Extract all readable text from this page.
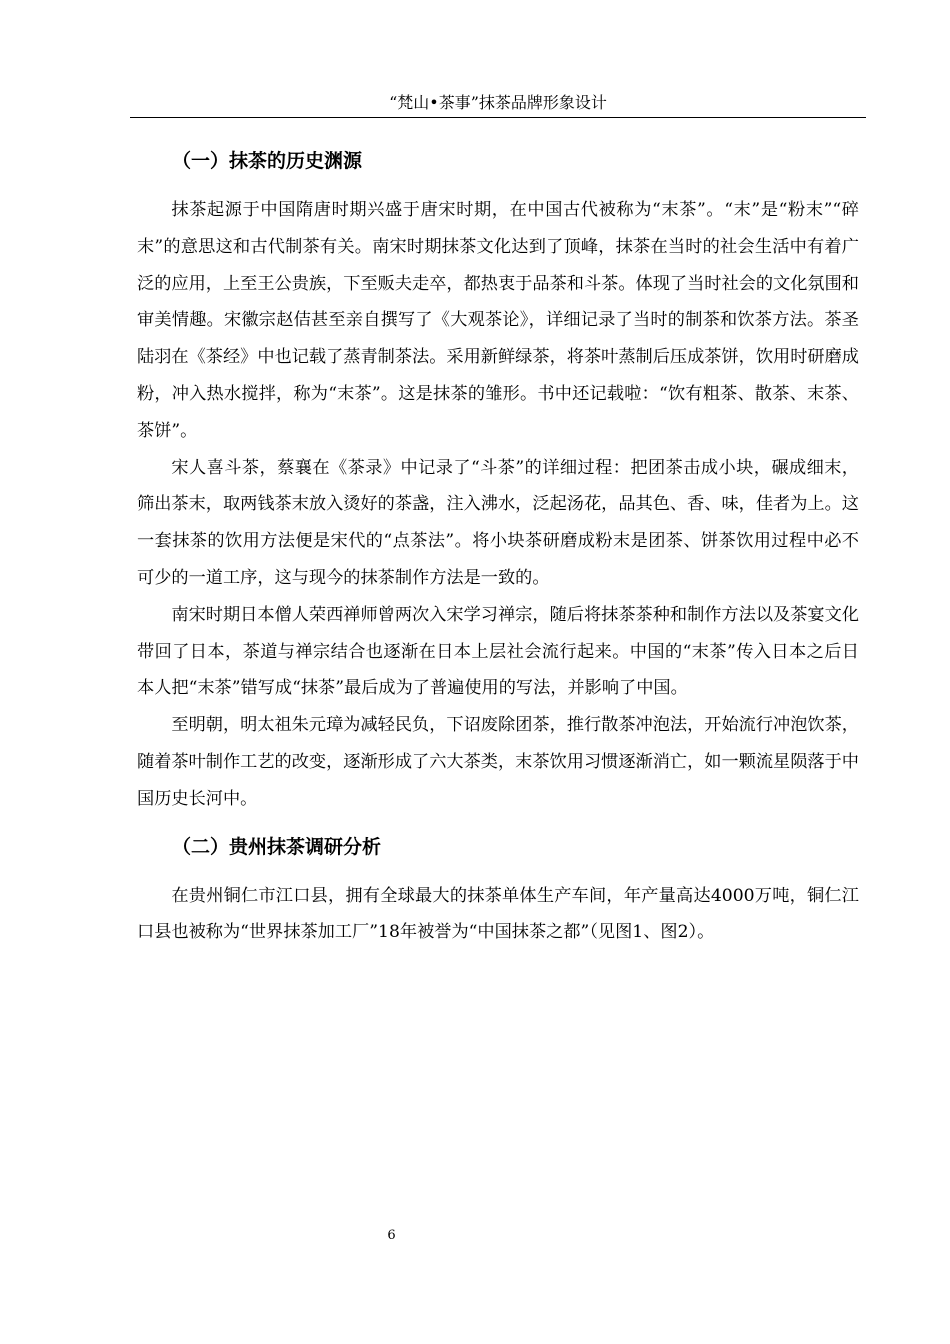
“梵山•茶事”抹茶品牌形象设计
（一）抹茶的历史渊源

抹茶起源于中国隋唐时期兴盛于唐宋时期，在中国古代被称为“末茶”。“末”是“粉末”“碎末”的意思这和古代制茶有关。南宋时期抹茶文化达到了顶峰，抹茶在当时的社会生活中有着广泛的应用，上至王公贵族，下至贩夫走卒，都热衷于品茶和斗茶。体现了当时社会的文化氛围和审美情趣。宋徽宗赵佶甚至亲自撰写了《大观茶论》，详细记录了当时的制茶和饮茶方法。茶圣陆羽在《茶经》中也记载了蒸青制茶法。采用新鲜绿茶，将茶叶蒸制后压成茶饼，饮用时研磨成粉，冲入热水搅拌，称为“末茶”。这是抹茶的雏形。书中还记载啦：“饮有粗茶、散茶、末茶、茶饼”。

宋人喜斗茶，蔡襄在《茶录》中记录了“斗茶”的详细过程：把团茶击成小块，碾成细末，筛出茶末，取两钱茶末放入烫好的茶盏，注入沸水，泛起汤花，品其色、香、味，佳者为上。这一套抹茶的饮用方法便是宋代的“点茶法”。将小块茶研磨成粉末是团茶、饼茶饮用过程中必不可少的一道工序，这与现今的抹茶制作方法是一致的。

南宋时期日本僧人荣西禅师曾两次入宋学习禅宗，随后将抹茶茶种和制作方法以及茶宴文化带回了日本，茶道与禅宗结合也逐渐在日本上层社会流行起来。中国的“末茶”传入日本之后日本人把“末茶”错写成“抹茶”最后成为了普遍使用的写法，并影响了中国。

至明朝，明太祖朱元璋为减轻民负，下诏废除团茶，推行散茶冲泡法，开始流行冲泡饮茶，随着茶叶制作工艺的改变，逐渐形成了六大茶类，末茶饮用习惯逐渐消亡，如一颗流星陨落于中国历史长河中。

（二）贵州抹茶调研分析

在贵州铜仁市江口县，拥有全球最大的抹茶单体生产车间，年产量高达4000万吨，铜仁江口县也被称为“世界抹茶加工厂”18年被誉为“中国抹茶之都”（见图1、图2）。

6
